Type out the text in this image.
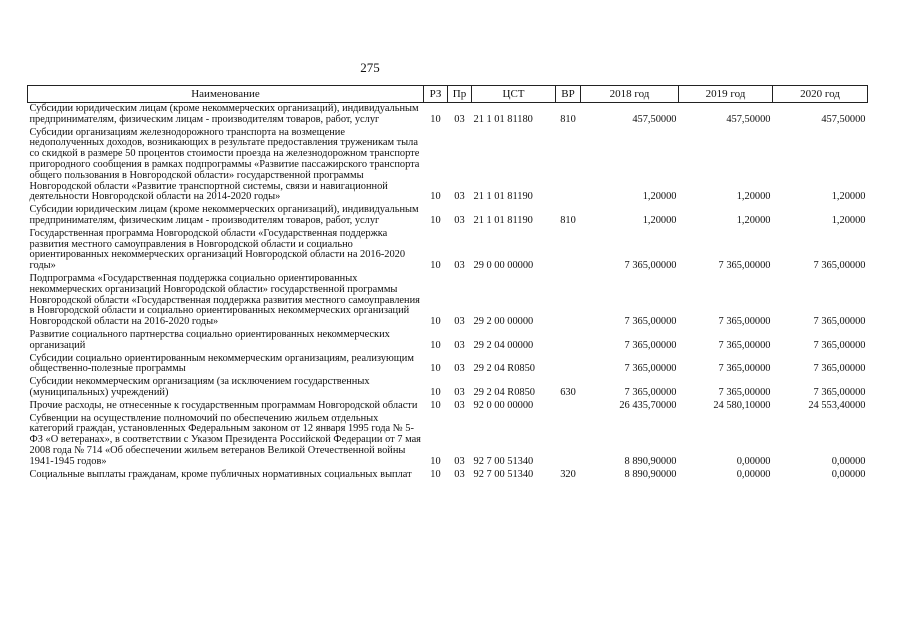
275
Наименование	РЗ	Пр	ЦСТ	ВР	2018 год	2019 год	2020 год
Субсидии юридическим лицам (кроме некоммерческих организаций), индивидуальным предпринимателям, физическим лицам - производителям товаров, работ, услуг	10	03	21 1 01 81180	810	457,50000	457,50000	457,50000
Субсидии организациям железнодорожного транспорта на возмещение недополученных доходов, возникающих в результате предоставления труженикам тыла со скидкой в размере 50 процентов стоимости проезда на железнодорожном транспорте пригородного сообщения в рамках подпрограммы «Развитие пассажирского транспорта общего пользования в Новгородской области» государственной программы Новгородской области «Развитие транспортной системы, связи и навигационной деятельности Новгородской области на 2014-2020 годы»	10	03	21 1 01 81190		1,20000	1,20000	1,20000
Субсидии юридическим лицам (кроме некоммерческих организаций), индивидуальным предпринимателям, физическим лицам - производителям товаров, работ, услуг	10	03	21 1 01 81190	810	1,20000	1,20000	1,20000
Государственная программа Новгородской области «Государственная поддержка развития местного самоуправления в Новгородской области и социально ориентированных некоммерческих организаций Новгородской области на 2016-2020 годы»	10	03	29 0 00 00000		7 365,00000	7 365,00000	7 365,00000
Подпрограмма «Государственная поддержка социально ориентированных некоммерческих организаций Новгородской области» государственной программы Новгородской области «Государственная поддержка развития местного самоуправления в Новгородской области и социально ориентированных некоммерческих организаций Новгородской области на 2016-2020 годы»	10	03	29 2 00 00000		7 365,00000	7 365,00000	7 365,00000
Развитие социального партнерства социально ориентированных некоммерческих организаций	10	03	29 2 04 00000		7 365,00000	7 365,00000	7 365,00000
Субсидии социально ориентированным некоммерческим организациям, реализующим общественно-полезные программы	10	03	29 2 04 R0850		7 365,00000	7 365,00000	7 365,00000
Субсидии некоммерческим организациям (за исключением государственных (муниципальных) учреждений)	10	03	29 2 04 R0850	630	7 365,00000	7 365,00000	7 365,00000
Прочие расходы, не отнесенные к государственным программам Новгородской области	10	03	92 0 00 00000		26 435,70000	24 580,10000	24 553,40000
Субвенции на осуществление полномочий по обеспечению жильем отдельных категорий граждан, установленных Федеральным законом от 12 января 1995 года № 5-ФЗ «О ветеранах», в соответствии с Указом Президента Российской Федерации от 7 мая 2008 года № 714 «Об обеспечении жильем ветеранов Великой Отечественной войны 1941-1945 годов»	10	03	92 7 00 51340		8 890,90000	0,00000	0,00000
Социальные выплаты гражданам, кроме публичных нормативных социальных выплат	10	03	92 7 00 51340	320	8 890,90000	0,00000	0,00000
